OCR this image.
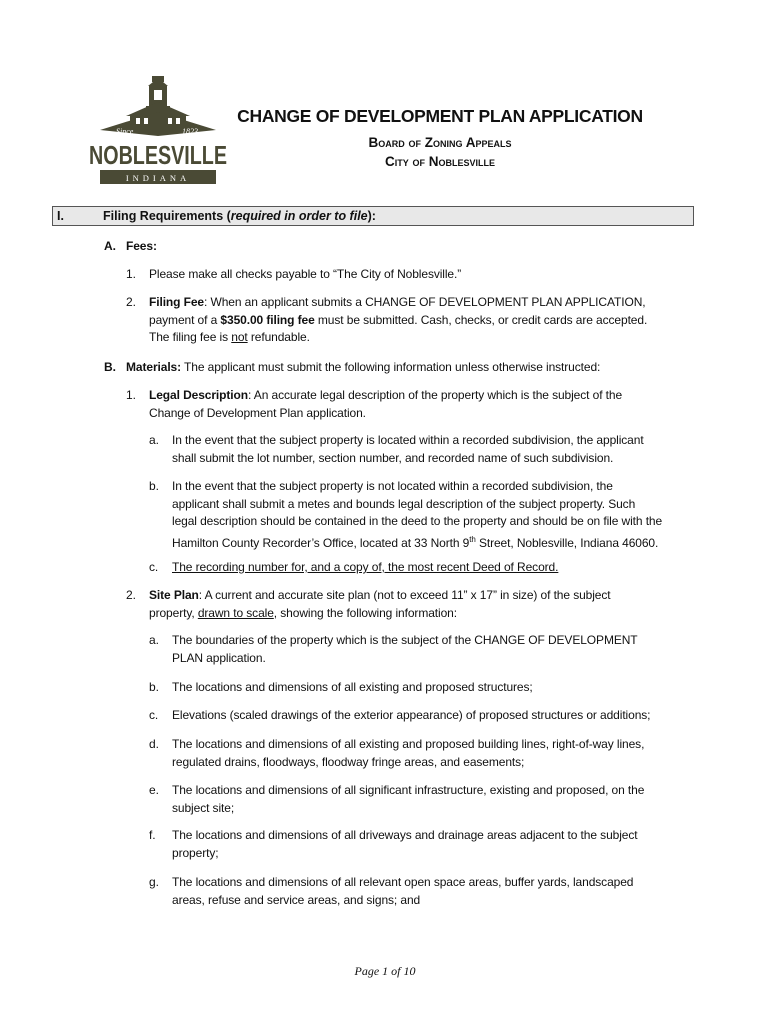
Since	1823
NOBLESVILLE
INDIANA
CHANGE OF DEVELOPMENT PLAN APPLICATION
Board of Zoning Appeals
City of Noblesville
I.	Filing Requirements (required in order to file):
A. Fees:
1. Please make all checks payable to “The City of Noblesville.”
2. Filing Fee: When an applicant submits a CHANGE OF DEVELOPMENT PLAN APPLICATION,
payment of a $350.00 filing fee must be submitted. Cash, checks, or credit cards are accepted.
The filing fee is not refundable.
B. Materials: The applicant must submit the following information unless otherwise instructed:
1. Legal Description: An accurate legal description of the property which is the subject of the
Change of Development Plan application.
a. In the event that the subject property is located within a recorded subdivision, the applicant
shall submit the lot number, section number, and recorded name of such subdivision.
b. In the event that the subject property is not located within a recorded subdivision, the
applicant shall submit a metes and bounds legal description of the subject property. Such
legal description should be contained in the deed to the property and should be on file with the
Hamilton County Recorder’s Office, located at 33 North 9th Street, Noblesville, Indiana 46060.
c. The recording number for, and a copy of, the most recent Deed of Record.
2. Site Plan: A current and accurate site plan (not to exceed 11” x 17” in size) of the subject
property, drawn to scale, showing the following information:
a. The boundaries of the property which is the subject of the CHANGE OF DEVELOPMENT
PLAN application.
b. The locations and dimensions of all existing and proposed structures;
c. Elevations (scaled drawings of the exterior appearance) of proposed structures or additions;
d. The locations and dimensions of all existing and proposed building lines, right-of-way lines,
regulated drains, floodways, floodway fringe areas, and easements;
e. The locations and dimensions of all significant infrastructure, existing and proposed, on the
subject site;
f. The locations and dimensions of all driveways and drainage areas adjacent to the subject
property;
g. The locations and dimensions of all relevant open space areas, buffer yards, landscaped
areas, refuse and service areas, and signs; and
Page 1 of 10
